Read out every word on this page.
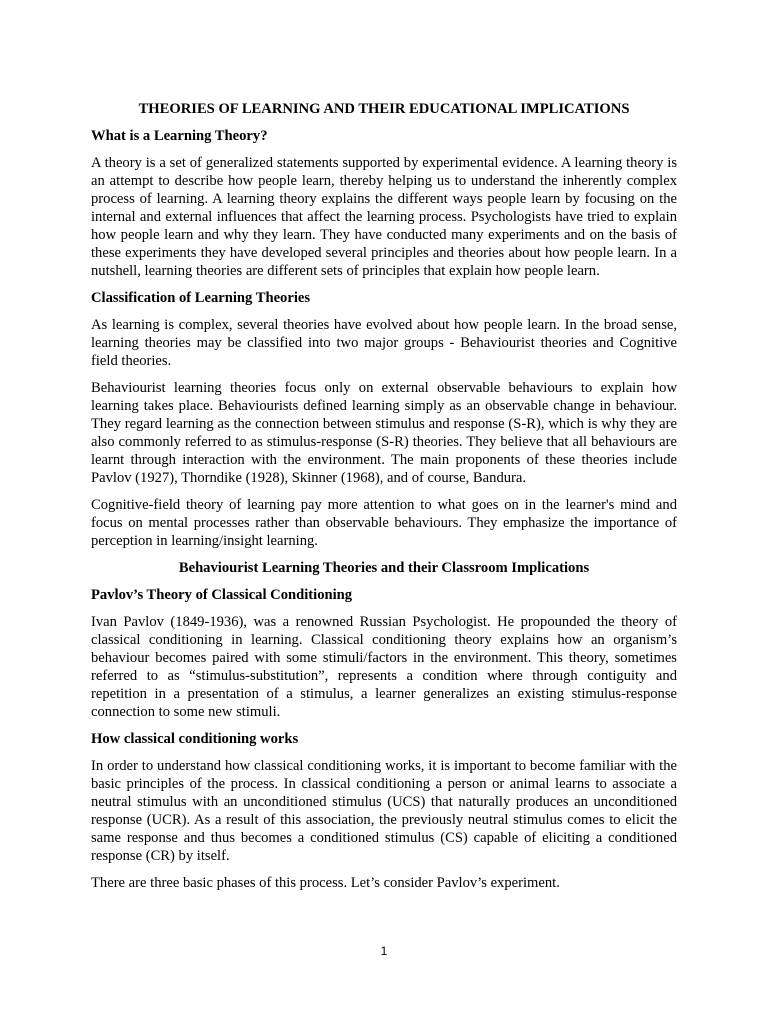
THEORIES OF LEARNING AND THEIR EDUCATIONAL IMPLICATIONS
What is a Learning Theory?

A theory is a set of generalized statements supported by experimental evidence. A learning theory is an attempt to describe how people learn, thereby helping us to understand the inherently complex process of learning. A learning theory explains the different ways people learn by focusing on the internal and external influences that affect the learning process. Psychologists have tried to explain how people learn and why they learn. They have conducted many experiments and on the basis of these experiments they have developed several principles and theories about how people learn. In a nutshell, learning theories are different sets of principles that explain how people learn.

Classification of Learning Theories

As learning is complex, several theories have evolved about how people learn. In the broad sense, learning theories may be classified into two major groups - Behaviourist theories and Cognitive field theories.

Behaviourist learning theories focus only on external observable behaviours to explain how learning takes place. Behaviourists defined learning simply as an observable change in behaviour. They regard learning as the connection between stimulus and response (S-R), which is why they are also commonly referred to as stimulus-response (S-R) theories. They believe that all behaviours are learnt through interaction with the environment. The main proponents of these theories include Pavlov (1927), Thorndike (1928), Skinner (1968), and of course, Bandura.

Cognitive-field theory of learning pay more attention to what goes on in the learner's mind and focus on mental processes rather than observable behaviours. They emphasize the importance of perception in learning/insight learning.

Behaviourist Learning Theories and their Classroom Implications
Pavlov’s Theory of Classical Conditioning

Ivan Pavlov (1849-1936), was a renowned Russian Psychologist. He propounded the theory of classical conditioning in learning. Classical conditioning theory explains how an organism’s behaviour becomes paired with some stimuli/factors in the environment. This theory, sometimes referred to as “stimulus-substitution”, represents a condition where through contiguity and repetition in a presentation of a stimulus, a learner generalizes an existing stimulus-response connection to some new stimuli.

How classical conditioning works

In order to understand how classical conditioning works, it is important to become familiar with the basic principles of the process. In classical conditioning a person or animal learns to associate a neutral stimulus with an unconditioned stimulus (UCS) that naturally produces an unconditioned response (UCR). As a result of this association, the previously neutral stimulus comes to elicit the same response and thus becomes a conditioned stimulus (CS) capable of eliciting a conditioned response (CR) by itself.

There are three basic phases of this process. Let’s consider Pavlov’s experiment.

1
